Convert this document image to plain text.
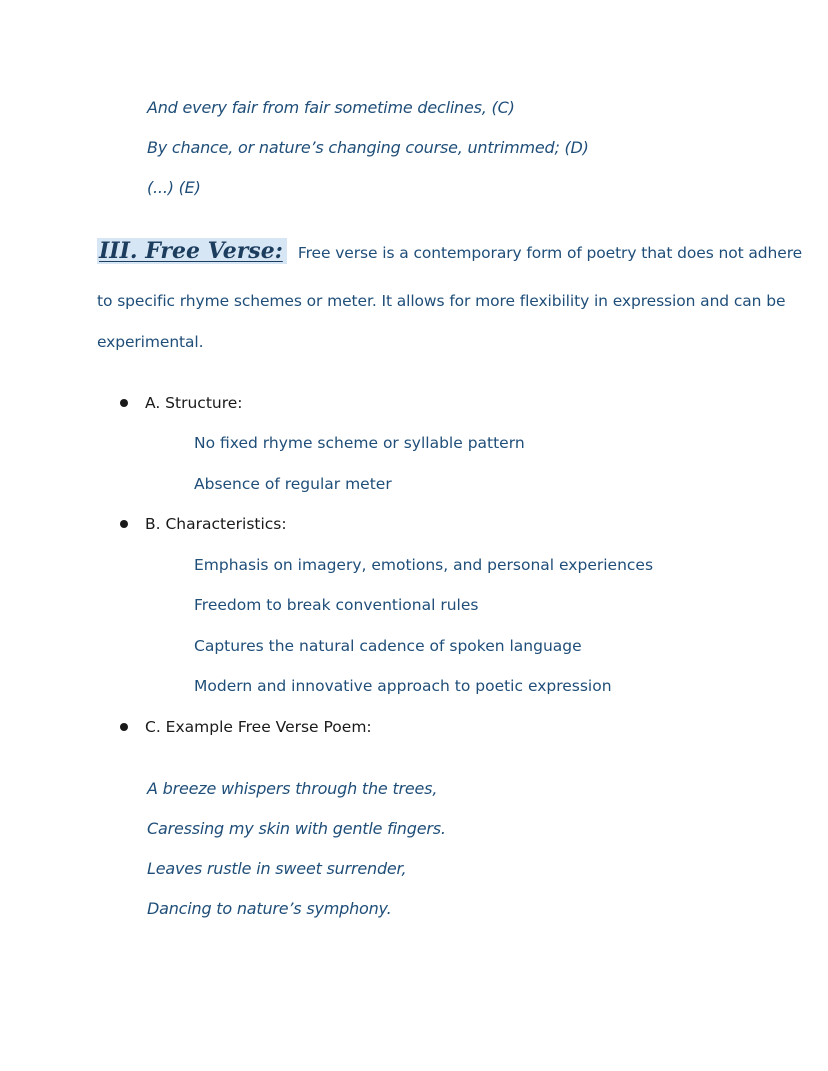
And every fair from fair sometime declines, (C)

By chance, or nature’s changing course, untrimmed; (D)

(...) (E)

III. Free Verse: Free verse is a contemporary form of poetry that does not adhere

to specific rhyme schemes or meter. It allows for more flexibility in expression and can be

experimental.

A. Structure:

No fixed rhyme scheme or syllable pattern

Absence of regular meter

B. Characteristics:

Emphasis on imagery, emotions, and personal experiences

Freedom to break conventional rules

Captures the natural cadence of spoken language

Modern and innovative approach to poetic expression

C. Example Free Verse Poem:

A breeze whispers through the trees,

Caressing my skin with gentle fingers.

Leaves rustle in sweet surrender,

Dancing to nature’s symphony.
